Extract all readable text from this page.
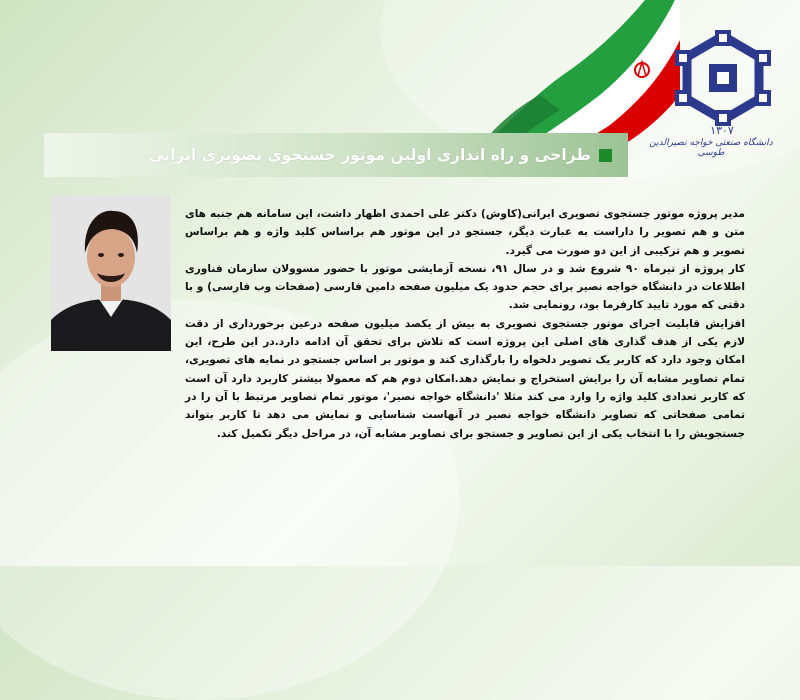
۱۳۰۷
دانشگاه صنعتی خواجه نصیرالدین طوسی
طراحی و راه اندازی اولین موتور جستجوی تصویری ایرانی

مدیر پروژه موتور جستجوی تصویری ایرانی(کاوش) دکتر علی احمدی اظهار داشت، این سامانه هم جنبه های متن و هم تصویر را داراست به عبارت دیگر، جستجو در این موتور هم براساس کلید واژه و هم براساس تصویر و هم ترکیبی از این دو صورت می گیرد.

کار پروژه از تیرماه ۹۰ شروع شد و در سال ۹۱، نسخه آزمایشی موتور با حضور مسوولان سازمان فناوری اطلاعات در دانشگاه خواجه نصیر برای حجم حدود یک میلیون صفحه دامین فارسی (صفحات وب فارسی) و با دقتی که مورد تایید کارفرما بود، رونمایی شد.

افزایش قابلیت اجرای موتور جستجوی تصویری به بیش از یکصد میلیون صفحه درعین برخورداری از دقت لازم یکی از هدف گذاری های اصلی این پروژه است که تلاش برای تحقق آن ادامه دارد.در این طرح، این امکان وجود دارد که کاربر یک تصویر دلخواه را بارگذاری کند و موتور بر اساس جستجو در نمایه های تصویری، تمام تصاویر مشابه آن را برایش استخراج و نمایش دهد.امکان دوم هم که معمولا بیشتر کاربرد دارد آن است که کاربر تعدادی کلید واژه را وارد می کند مثلا 'دانشگاه خواجه نصیر'، موتور تمام تصاویر مرتبط با آن را در تمامی صفحاتی که تصاویر دانشگاه خواجه نصیر در آنهاست شناسایی و نمایش می دهد تا کاربر بتواند جستجویش را با انتخاب یکی از این تصاویر و جستجو برای تصاویر مشابه آن، در مراحل دیگر تکمیل کند.
